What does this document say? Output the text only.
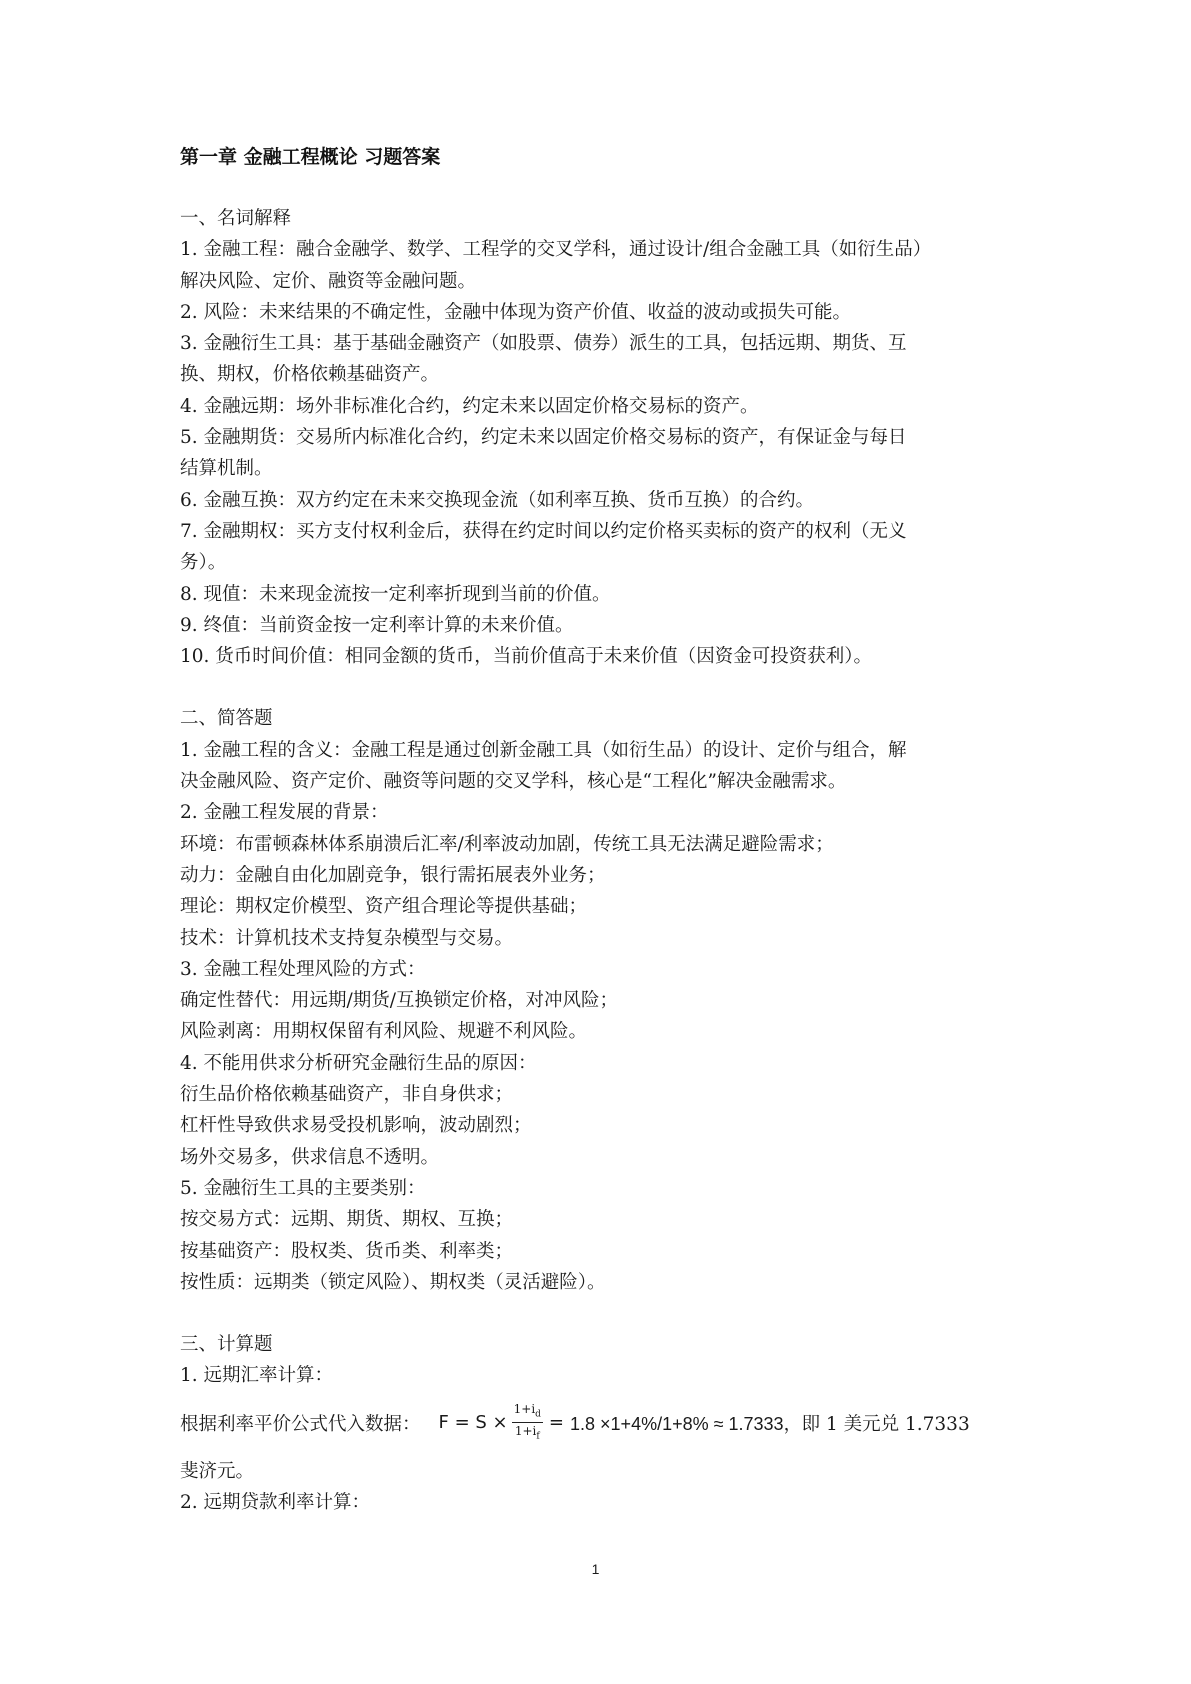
第一章 金融工程概论 习题答案
一、名词解释
1. 金融工程：融合金融学、数学、工程学的交叉学科，通过设计/组合金融工具（如衍生品）
解决风险、定价、融资等金融问题。
2. 风险：未来结果的不确定性，金融中体现为资产价值、收益的波动或损失可能。
3. 金融衍生工具：基于基础金融资产（如股票、债券）派生的工具，包括远期、期货、互
换、期权，价格依赖基础资产。
4. 金融远期：场外非标准化合约，约定未来以固定价格交易标的资产。
5. 金融期货：交易所内标准化合约，约定未来以固定价格交易标的资产，有保证金与每日
结算机制。
6. 金融互换：双方约定在未来交换现金流（如利率互换、货币互换）的合约。
7. 金融期权：买方支付权利金后，获得在约定时间以约定价格买卖标的资产的权利（无义
务）。
8. 现值：未来现金流按一定利率折现到当前的价值。
9. 终值：当前资金按一定利率计算的未来价值。
10. 货币时间价值：相同金额的货币，当前价值高于未来价值（因资金可投资获利）。
二、简答题
1. 金融工程的含义：金融工程是通过创新金融工具（如衍生品）的设计、定价与组合，解
决金融风险、资产定价、融资等问题的交叉学科，核心是“工程化”解决金融需求。
2. 金融工程发展的背景：
环境：布雷顿森林体系崩溃后汇率/利率波动加剧，传统工具无法满足避险需求；
动力：金融自由化加剧竞争，银行需拓展表外业务；
理论：期权定价模型、资产组合理论等提供基础；
技术：计算机技术支持复杂模型与交易。
3. 金融工程处理风险的方式：
确定性替代：用远期/期货/互换锁定价格，对冲风险；
风险剥离：用期权保留有利风险、规避不利风险。
4. 不能用供求分析研究金融衍生品的原因：
衍生品价格依赖基础资产，非自身供求；
杠杆性导致供求易受投机影响，波动剧烈；
场外交易多，供求信息不透明。
5. 金融衍生工具的主要类别：
按交易方式：远期、期货、期权、互换；
按基础资产：股权类、货币类、利率类；
按性质：远期类（锁定风险）、期权类（灵活避险）。
三、计算题
1. 远期汇率计算：
根据利率平价公式代入数据： $F = S \times \frac{1+i_d}{1+i_f} = 1.8 \times 1+4\%/1+8\% \approx 1.7333$， 即 1 美元兑 1.7333
斐济元。
2. 远期贷款利率计算：
1
